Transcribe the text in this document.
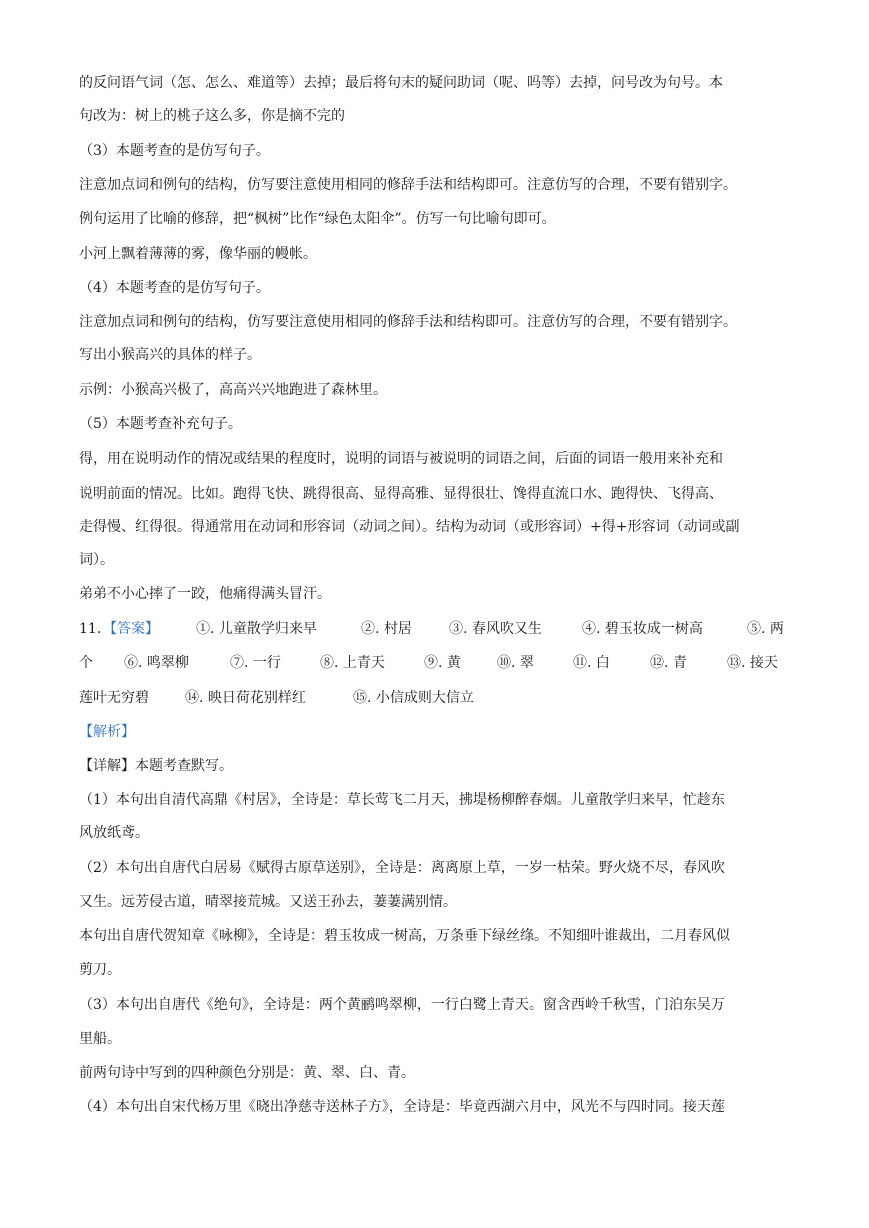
的反问语气词（怎、怎么、难道等）去掉；最后将句末的疑问助词（呢、吗等）去掉，问号改为句号。本
句改为：树上的桃子这么多，你是摘不完的
（3）本题考查的是仿写句子。
注意加点词和例句的结构，仿写要注意使用相同的修辞手法和结构即可。注意仿写的合理，不要有错别字。
例句运用了比喻的修辞，把“枫树”比作“绿色太阳伞”。仿写一句比喻句即可。
小河上飘着薄薄的雾，像华丽的幔帐。
（4）本题考查的是仿写句子。
注意加点词和例句的结构，仿写要注意使用相同的修辞手法和结构即可。注意仿写的合理，不要有错别字。
写出小猴高兴的具体的样子。
示例：小猴高兴极了，高高兴兴地跑进了森林里。
（5）本题考查补充句子。
得，用在说明动作的情况或结果的程度时，说明的词语与被说明的词语之间，后面的词语一般用来补充和
说明前面的情况。比如。跑得飞快、跳得很高、显得高雅、显得很壮、馋得直流口水、跑得快、飞得高、
走得慢、红得很。得通常用在动词和形容词（动词之间）。结构为动词（或形容词）+得+形容词（动词或副
词）。
弟弟不小心摔了一跤，他痛得满头冒汗。
11. 【答案】	①. 儿童散学归来早	②. 村居	③. 春风吹又生	④. 碧玉妆成一树高	⑤. 两
个 ⑥. 鸣翠柳	⑦. 一行	⑧. 上青天	⑨. 黄	⑩. 翠	⑪. 白	⑫. 青	⑬. 接天
莲叶无穷碧	⑭. 映日荷花别样红	⑮. 小信成则大信立
【解析】
【详解】本题考查默写。
（1）本句出自清代高鼎《村居》，全诗是：草长莺飞二月天，拂堤杨柳醉春烟。儿童散学归来早，忙趁东
风放纸鸢。
（2）本句出自唐代白居易《赋得古原草送别》，全诗是：离离原上草，一岁一枯荣。野火烧不尽，春风吹
又生。远芳侵古道，晴翠接荒城。又送王孙去，萋萋满别情。
本句出自唐代贺知章《咏柳》，全诗是：碧玉妆成一树高，万条垂下绿丝绦。不知细叶谁裁出，二月春风似
剪刀。
（3）本句出自唐代《绝句》，全诗是：两个黄鹂鸣翠柳，一行白鹭上青天。窗含西岭千秋雪，门泊东吴万
里船。
前两句诗中写到的四种颜色分别是：黄、翠、白、青。
（4）本句出自宋代杨万里《晓出净慈寺送林子方》，全诗是：毕竟西湖六月中，风光不与四时同。接天莲
